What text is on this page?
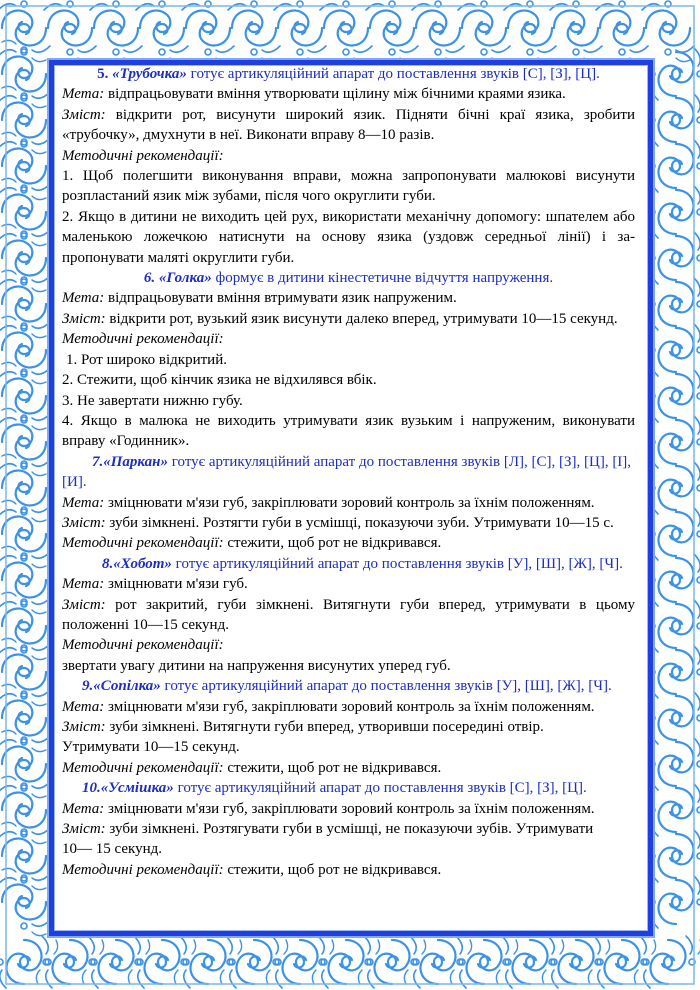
5. «Трубочка» готує артикуляційний апарат до поставлення звуків [С], [З], [Ц].

Мета: відпрацьовувати вміння утворювати щілину між бічними краями язика.

Зміст: відкрити рот, висунути широкий язик. Підняти бічні краї язика, зробити «трубочку», дмухнути в неї. Виконати вправу 8—10 разів.

Методичні рекомендації:

1. Щоб полегшити виконування вправи, можна запропонувати малюкові висунути розпластаний язик між зубами, після чого округлити губи.

2. Якщо в дитини не виходить цей рух, використати механічну допомогу: шпателем або маленькою ложечкою натиснути на основу язика (уздовж середньої лінії) і запропонувати маляті округлити губи.

6. «Голка» формує в дитини кінестетичне відчуття напруження.

Мета: відпрацьовувати вміння втримувати язик напруженим.

Зміст: відкрити рот, вузький язик висунути далеко вперед, утримувати 10—15 секунд.

Методичні рекомендації:

1. Рот широко відкритий.

2. Стежити, щоб кінчик язика не відхилявся вбік.

3. Не завертати нижню губу.

4. Якщо в малюка не виходить утримувати язик вузьким і напруженим, виконувати вправу «Годинник».

7.«Паркан» готує артикуляційний апарат до поставлення звуків [Л], [С], [З], [Ц], [І], [И].

Мета: зміцнювати м'язи губ, закріплювати зоровий контроль за їхнім положенням.

Зміст: зуби зімкнені. Розтягти губи в усмішці, показуючи зуби. Утримувати 10—15 с.

Методичні рекомендації: стежити, щоб рот не відкривався.

8.«Хобот» готує артикуляційний апарат до поставлення звуків [У], [Ш], [Ж], [Ч].

Мета: зміцнювати м'язи губ.

Зміст: рот закритий, губи зімкнені. Витягнути губи вперед, утримувати в цьому положенні 10—15 секунд.

Методичні рекомендації:

звертати увагу дитини на напруження висунутих уперед губ.

9.«Сопілка» готує артикуляційний апарат до поставлення звуків [У], [Ш], [Ж], [Ч].

Мета: зміцнювати м'язи губ, закріплювати зоровий контроль за їхнім положенням.

Зміст: зуби зімкнені. Витягнути губи вперед, утворивши посередині отвір.

Утримувати 10—15 секунд.

Методичні рекомендації: стежити, щоб рот не відкривався.

10.«Усмішка» готує артикуляційний апарат до поставлення звуків [С], [З], [Ц].

Мета: зміцнювати м'язи губ, закріплювати зоровий контроль за їхнім положенням.

Зміст: зуби зімкнені. Розтягувати губи в усмішці, не показуючи зубів. Утримувати

10— 15 секунд.

Методичні рекомендації: стежити, щоб рот не відкривався.
